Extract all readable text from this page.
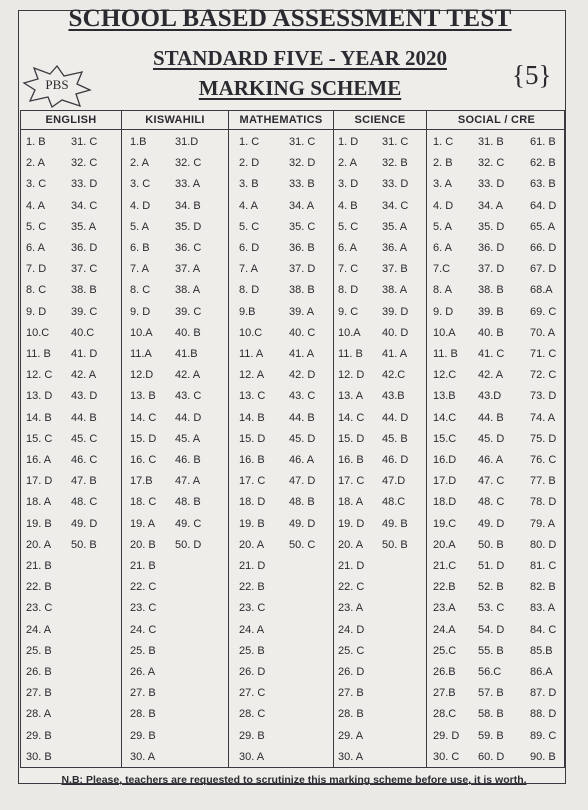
SCHOOL BASED ASSESSMENT TEST
STANDARD FIVE - YEAR 2020
MARKING SCHEME
PBS	{5}
ENGLISH
1. B 31. C
2. A 32. C
3. C 33. D
4. A 34. C
5. C 35. A
6. A 36. D
7. D 37. C
8. C 38. B
9. D 39. C
10.C 40.C
11. B 41. D
12. C 42. A
13. D 43. D
14. B 44. B
15. C 45. C
16. A 46. C
17. D 47. B
18. A 48. C
19. B 49. D
20. A 50. B
21. B
22. B
23. C
24. A
25. B
26. B
27. B
28. A
29. B
30. B
KISWAHILI
1.B	31.D
2. A 32. C
3. C 33. A
4. D 34. B
5. A 35. D
6. B 36. C
7. A 37. A
8. C 38. A
9. D 39. C
10.A 40. B
11.A 41.B
12.D 42. A
13. B 43. C
14. C 44. D
15. D 45. A
16. C 46. B
17.B 47. A
18. C 48. B
19. A 49. C
20. B 50. D
21. B
22. C
23. C
24. C
25. B
26. A
27. B
28. B
29. B
30. A
MATHEMATICS
1. C	31. C
2. D	32. D
3. B	33. B
4. A	34. A
5. C	35. C
6. D	36. B
7. A	37. D
8. D	38. B
9.B	39. A
10.C 40. C
11. A 41. A
12. A 42. D
13. C 43. C
14. B 44. B
15. D 45. D
16. B 46. A
17. C 47. D
18. D 48. B
19. B 49. D
20. A 50. C
21. D
22. B
23. C
24. A
25. B
26. D
27. C
28. C
29. B
30. A
SCIENCE
1. D 31. C
2. A 32. B
3. D 33. D
4. B 34. C
5. C 35. A
6. A 36. A
7. C 37. B
8. D 38. A
9. C 39. D
10.A 40. D
11. B 41. A
12. D 42.C
13. A 43.B
14. C 44. D
15. D 45. B
16. B 46. D
17. C 47.D
18. A 48.C
19. D 49. B
20. A 50. B
21. D
22. C
23. A
24. D
25. C
26. D
27. B
28. B
29. A
30. A
SOCIAL / CRE
1. C 31. B 61. B
2. B 32. C 62. B
3. A 33. D 63. B
4. D 34. A 64. D
5. A 35. D 65. A
6. A 36. D 66. D
7.C	37. D 67. D
8. A 38. B 68.A
9. D 39. B 69. C
10.A 40. B 70. A
11. B 41. C 71. C
12.C 42. A 72. C
13.B 43.D	73. D
14.C 44. B 74. A
15.C 45. D 75. D
16.D 46. A 76. C
17.D 47. C 77. B
18.D 48. C 78. D
19.C 49. D 79. A
20.A 50. B 80. D
21.C 51. D 81. C
22.B 52. B 82. B
23.A 53. C 83. A
24.A 54. D 84. C
25.C 55. B 85.B
26.B 56.C	86.A
27.B 57. B 87. D
28.C 58. B 88. D
29. D 59. B 89. C
30. C 60. D 90. B
N.B: Please, teachers are requested to scrutinize this marking scheme before use, it is worth.
